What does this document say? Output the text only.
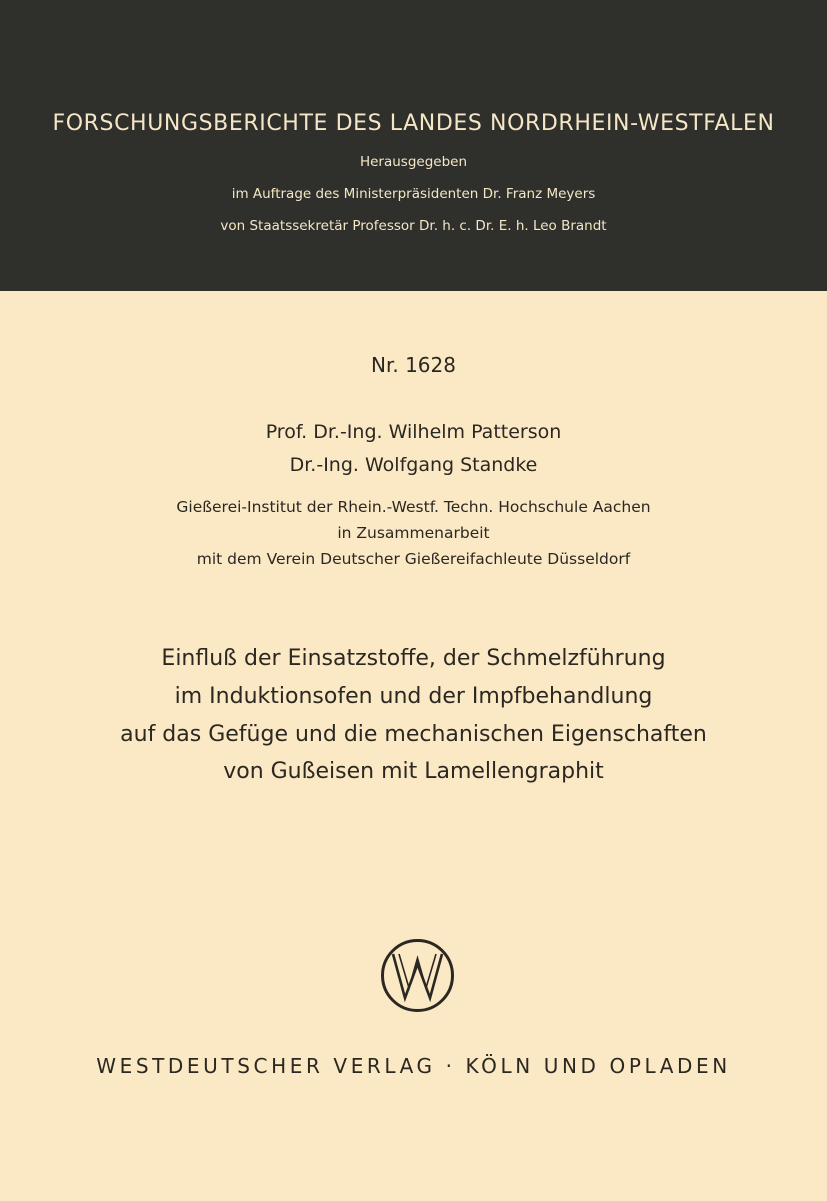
FORSCHUNGSBERICHTE DES LANDES NORDRHEIN-WESTFALEN
Herausgegeben
im Auftrage des Ministerpräsidenten Dr. Franz Meyers
von Staatssekretär Professor Dr. h. c. Dr. E. h. Leo Brandt
Nr. 1628
Prof. Dr.-Ing. Wilhelm Patterson
Dr.-Ing. Wolfgang Standke
Gießerei-Institut der Rhein.-Westf. Techn. Hochschule Aachen
in Zusammenarbeit
mit dem Verein Deutscher Gießereifachleute Düsseldorf
Einfluß der Einsatzstoffe, der Schmelzführung
im Induktionsofen und der Impfbehandlung
auf das Gefüge und die mechanischen Eigenschaften
von Gußeisen mit Lamellengraphit
WESTDEUTSCHER VERLAG · KÖLN UND OPLADEN
